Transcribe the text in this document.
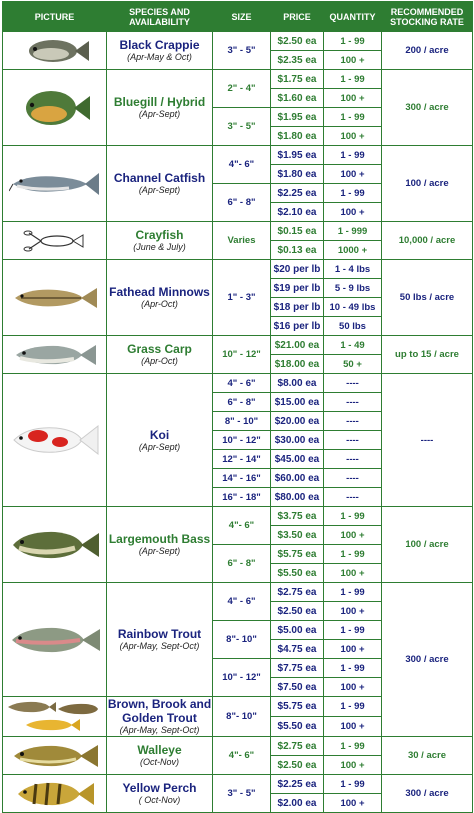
PICTURE	SPECIES AND AVAILABILITY	SIZE	PRICE	QUANTITY	RECOMMENDED STOCKING RATE

Black Crappie
(Apr-May & Oct)	3" - 5"	$2.50 ea	1 - 99	200 / acre
			$2.35 ea	100 +	

Bluegill / Hybrid
(Apr-Sept)	2" - 4"	$1.75 ea	1 - 99	300 / acre
			$1.60 ea	100 +	
		3" - 5"	$1.95 ea	1 - 99	
			$1.80 ea	100 +	

Channel Catfish
(Apr-Sept)	4"- 6"	$1.95 ea	1 - 99	100 / acre
			$1.80 ea	100 +	
		6" - 8"	$2.25 ea	1 - 99	
			$2.10 ea	100 +	

Crayfish
(June & July)	Varies	$0.15 ea	1 - 999	10,000 / acre
			$0.13 ea	1000 +	

Fathead Minnows
(Apr-Oct)	1" - 3"	$20 per lb	1 - 4 lbs	50 lbs / acre
			$19 per lb	5 - 9 lbs	
			$18 per lb	10 - 49 lbs	
			$16 per lb	50 lbs	

Grass Carp
(Apr-Oct)	10" - 12"	$21.00 ea	1 - 49	up to 15 / acre
			$18.00 ea	50 +	

Koi
(Apr-Sept)	4" - 6"	$8.00 ea	----	----
		6" - 8"	$15.00 ea	----	
		8" - 10"	$20.00 ea	----	
		10" - 12"	$30.00 ea	----	
		12" - 14"	$45.00 ea	----	
		14" - 16"	$60.00 ea	----	
		16" - 18"	$80.00 ea	----	

Largemouth Bass
(Apr-Sept)	4"- 6"	$3.75 ea	1 - 99	100 / acre
			$3.50 ea	100 +	
		6" - 8"	$5.75 ea	1 - 99	
			$5.50 ea	100 +	

Rainbow Trout
(Apr-May, Sept-Oct)	4" - 6"	$2.75 ea	1 - 99	300 / acre
			$2.50 ea	100 +	
		8"- 10"	$5.00 ea	1 - 99	
			$4.75 ea	100 +	
		10" - 12"	$7.75 ea	1 - 99	
			$7.50 ea	100 +	

Brown, Brook and Golden Trout
(Apr-May, Sept-Oct)	8"- 10"	$5.75 ea	1 - 99	
			$5.50 ea	100 +	

Walleye
(Oct-Nov)	4"- 6"	$2.75 ea	1 - 99	30 / acre
			$2.50 ea	100 +	

Yellow Perch
( Oct-Nov)	3" - 5"	$2.25 ea	1 - 99	300 / acre
			$2.00 ea	100 +	
